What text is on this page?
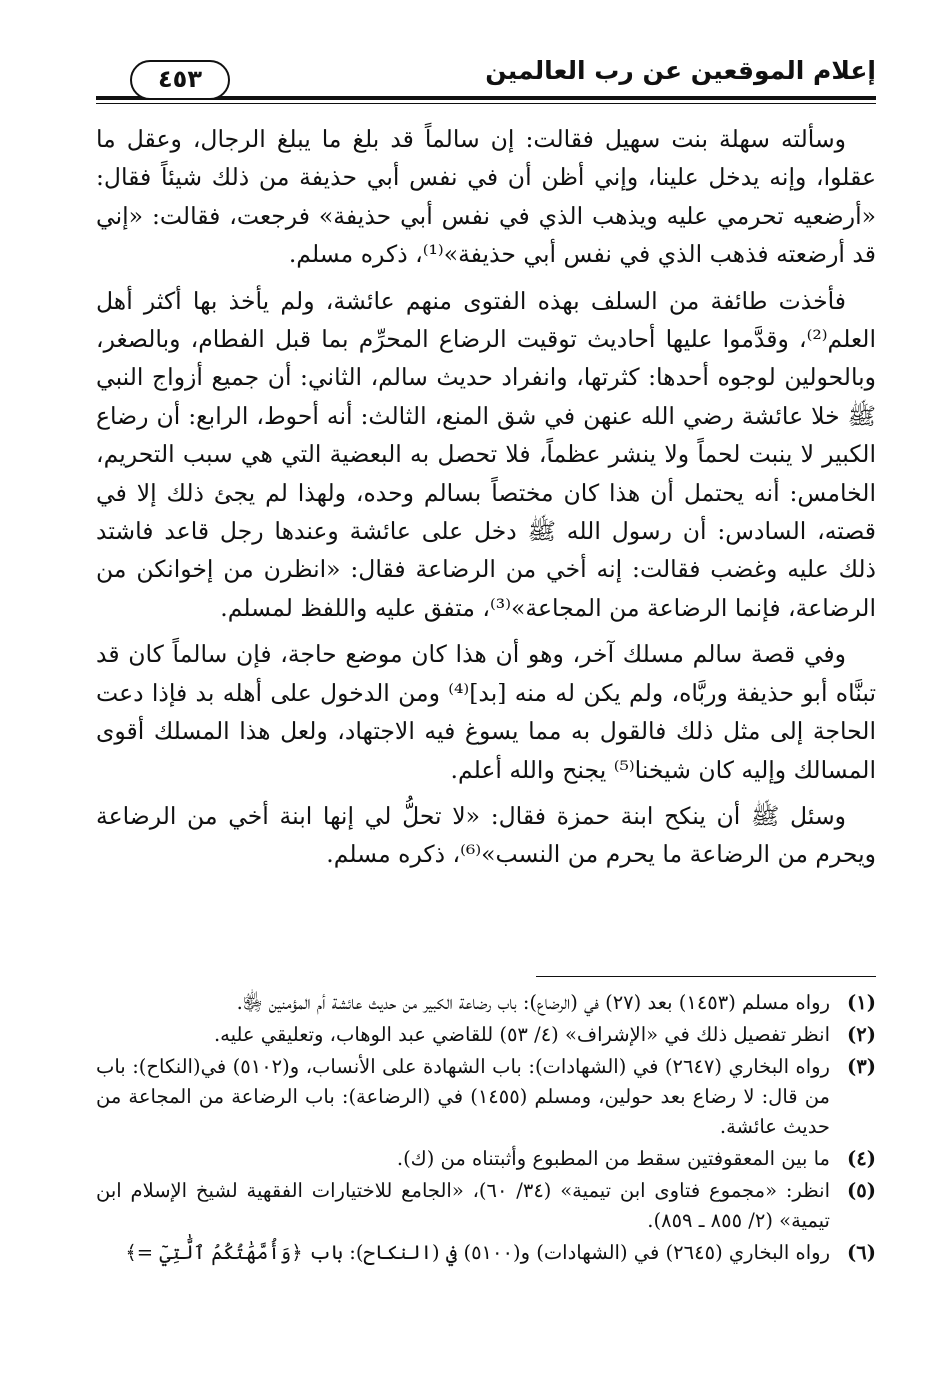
إعلام الموقعين عن رب العالمين
٤٥٣

وسألته سهلة بنت سهيل فقالت: إن سالماً قد بلغ ما يبلغ الرجال، وعقل ما عقلوا، وإنه يدخل علينا، وإني أظن أن في نفس أبي حذيفة من ذلك شيئاً فقال: «أرضعيه تحرمي عليه ويذهب الذي في نفس أبي حذيفة» فرجعت، فقالت: «إني قد أرضعته فذهب الذي في نفس أبي حذيفة»⁽¹⁾، ذكره مسلم.

فأخذت طائفة من السلف بهذه الفتوى منهم عائشة، ولم يأخذ بها أكثر أهل العلم⁽²⁾، وقدَّموا عليها أحاديث توقيت الرضاع المحرِّم بما قبل الفطام، وبالصغر، وبالحولين لوجوه أحدها: كثرتها، وانفراد حديث سالم، الثاني: أن جميع أزواج النبي ﷺ خلا عائشة رضي الله عنهن في شق المنع، الثالث: أنه أحوط، الرابع: أن رضاع الكبير لا ينبت لحماً ولا ينشر عظماً، فلا تحصل به البعضية التي هي سبب التحريم، الخامس: أنه يحتمل أن هذا كان مختصاً بسالم وحده، ولهذا لم يجئ ذلك إلا في قصته، السادس: أن رسول الله ﷺ دخل على عائشة وعندها رجل قاعد فاشتد ذلك عليه وغضب فقالت: إنه أخي من الرضاعة فقال: «انظرن من إخوانكن من الرضاعة، فإنما الرضاعة من المجاعة»⁽³⁾، متفق عليه واللفظ لمسلم.

وفي قصة سالم مسلك آخر، وهو أن هذا كان موضع حاجة، فإن سالماً كان قد تبنَّاه أبو حذيفة وربَّاه، ولم يكن له منه [بد]⁽⁴⁾ ومن الدخول على أهله بد فإذا دعت الحاجة إلى مثل ذلك فالقول به مما يسوغ فيه الاجتهاد، ولعل هذا المسلك أقوى المسالك وإليه كان شيخنا⁽⁵⁾ يجنح والله أعلم.

وسئل ﷺ أن ينكح ابنة حمزة فقال: «لا تحلُّ لي إنها ابنة أخي من الرضاعة ويحرم من الرضاعة ما يحرم من النسب»⁽⁶⁾، ذكره مسلم.

(١)
رواه مسلم (١٤٥٣) بعد (٢٧) في (الرضاع): باب رضاعة الكبير من حديث عائشة أم المؤمنين ﵂.
(٢)
انظر تفصيل ذلك في «الإشراف» (٤/ ٥٣) للقاضي عبد الوهاب، وتعليقي عليه.
(٣)
رواه البخاري (٢٦٤٧) في (الشهادات): باب الشهادة على الأنساب، و(٥١٠٢) في(النكاح): باب من قال: لا رضاع بعد حولين، ومسلم (١٤٥٥) في (الرضاعة): باب الرضاعة من المجاعة من حديث عائشة.
(٤)
ما بين المعقوفتين سقط من المطبوع وأثبتناه من (ك).
(٥)
انظر: «مجموع فتاوى ابن تيمية» (٣٤/ ٦٠)، «الجامع للاختيارات الفقهية لشيخ الإسلام ابن تيمية» (٢/ ٨٥٥ ـ ٨٥٩).
(٦)
رواه البخاري (٢٦٤٥) في (الشهادات) و(٥١٠٠) في (النكاح): باب ﴿وَأُمَّهَٰتُكُمُ ٱلَّٰتِيٓ =﴾
